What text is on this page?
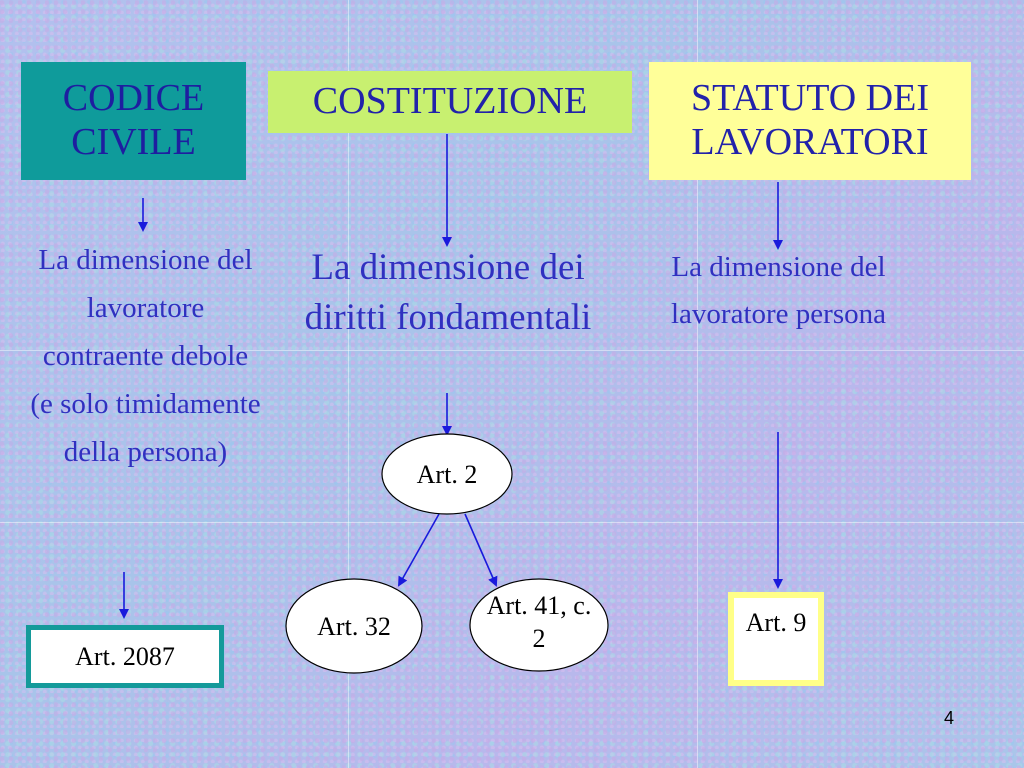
CODICE CIVILE
COSTITUZIONE	STATUTO DEI LAVORATORI
La dimensione del lavoratore contraente debole (e solo timidamente della persona)
La dimensione dei diritti fondamentali
La dimensione del lavoratore persona
Art. 2087
Art. 9
Art. 2
Art. 32
Art. 41, c. 2
4
